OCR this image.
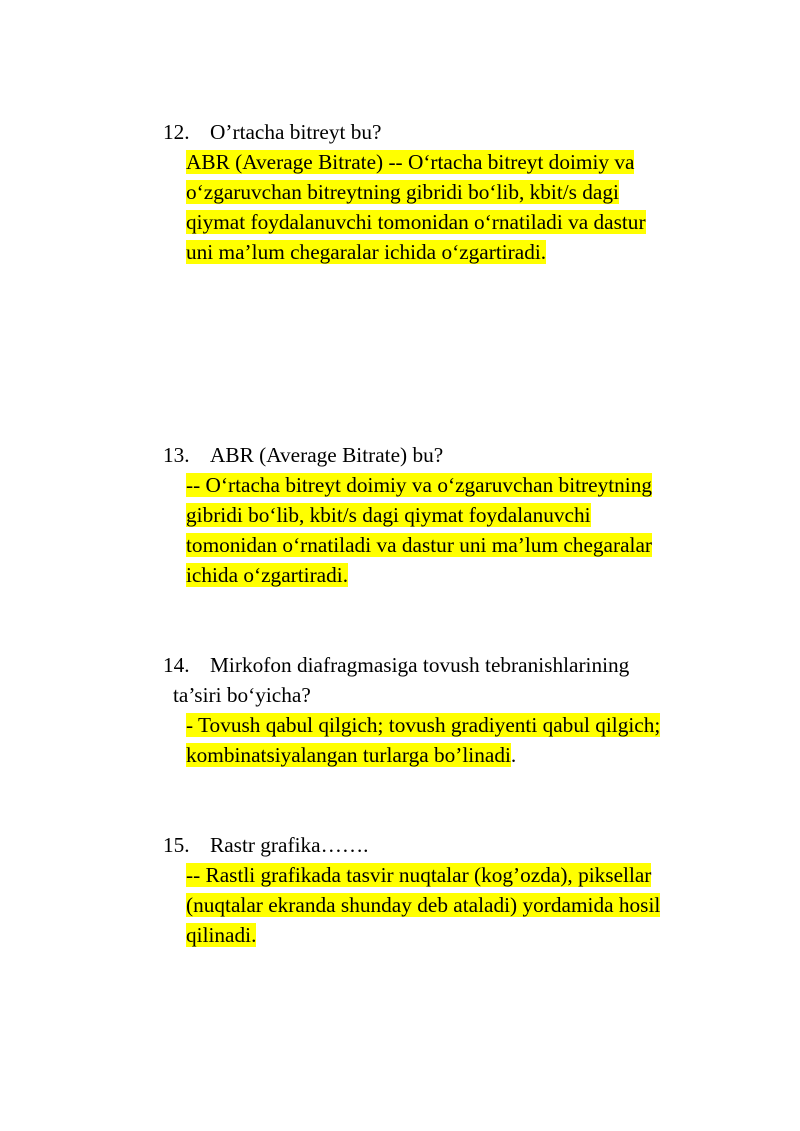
12. O’rtacha bitreyt bu?
ABR (Average Bitrate) -- O‘rtacha bitreyt doimiy va
o‘zgaruvchan bitreytning gibridi bo‘lib, kbit/s dagi
qiymat foydalanuvchi tomonidan o‘rnatiladi va dastur
uni ma’lum chegaralar ichida o‘zgartiradi.
13. ABR (Average Bitrate) bu?
-- O‘rtacha bitreyt doimiy va o‘zgaruvchan bitreytning
gibridi bo‘lib, kbit/s dagi qiymat foydalanuvchi
tomonidan o‘rnatiladi va dastur uni ma’lum chegaralar
ichida o‘zgartiradi.
14. Mirkofon diafragmasiga tovush tebranishlarining
ta’siri bo‘yicha?
- Tovush qabul qilgich; tovush gradiyenti qabul qilgich;
kombinatsiyalangan turlarga bo’linadi.
15. Rastr grafika…….
-- Rastli grafikada tasvir nuqtalar (kog’ozda), piksellar
(nuqtalar ekranda shunday deb ataladi) yordamida hosil
qilinadi.
